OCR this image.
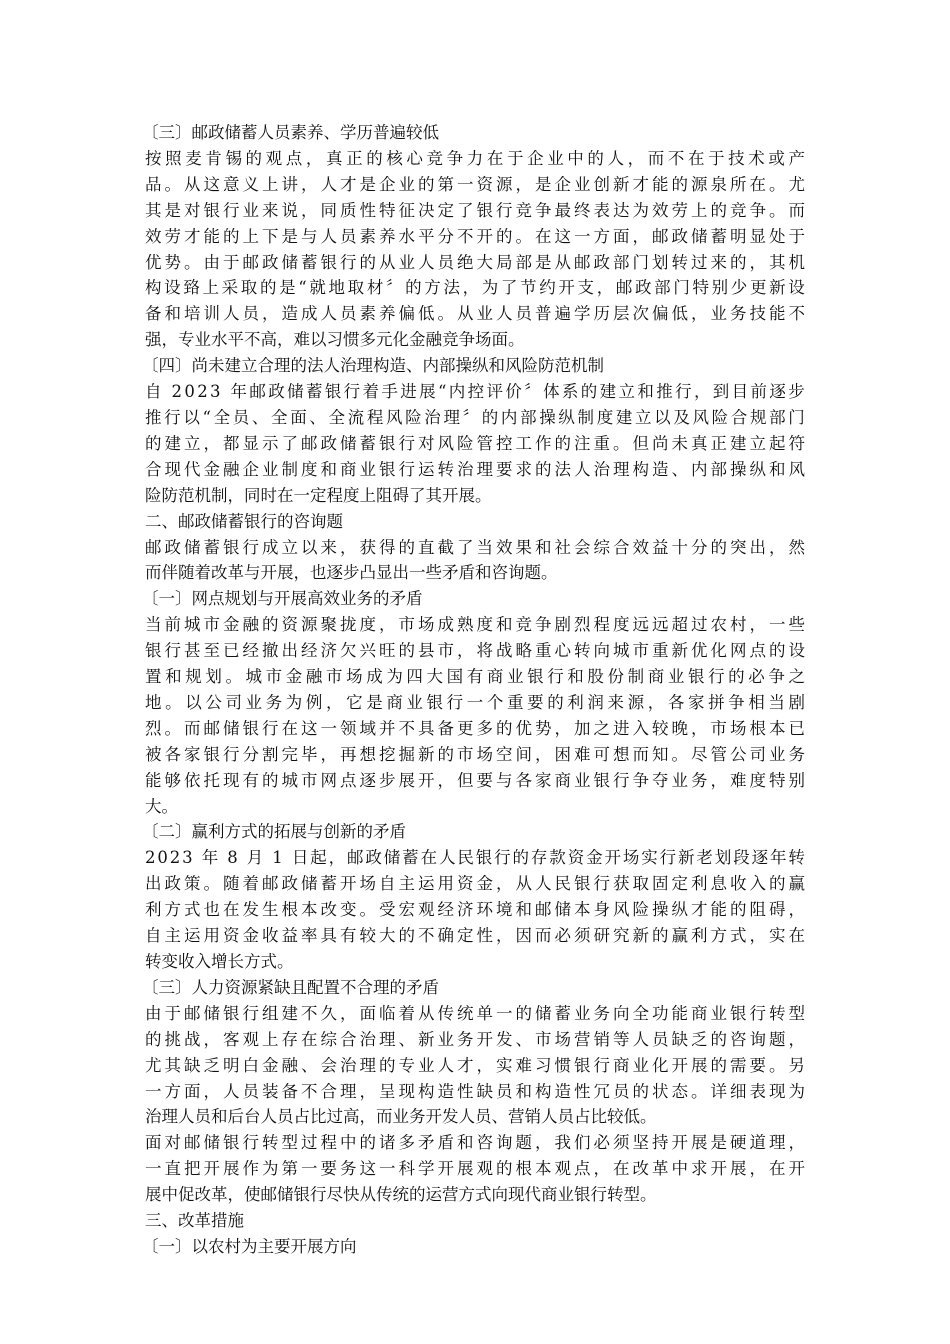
〔三〕邮政储蓄人员素养、学历普遍较低
按 照 麦 肯 锡 的 观 点 ， 真 正 的 核 心 竞 争 力 在 于 企 业 中 的 人 ， 而 不 在 于 技 术 或 产
品 。 从 这 意 义 上 讲 ， 人 才 是 企 业 的 第 一 资 源 ， 是 企 业 创 新 才 能 的 源 泉 所 在 。 尤
其 是 对 银 行 业 来 说 ， 同 质 性 特 征 决 定 了 银 行 竞 争 最 终 表 达 为 效 劳 上 的 竞 争 。 而
效 劳 才 能 的 上 下 是 与 人 员 素 养 水 平 分 不 开 的 。 在 这 一 方 面 ， 邮 政 储 蓄 明 显 处 于
优 势 。 由 于 邮 政 储 蓄 银 行 的 从 业 人 员 绝 大 局 部 是 从 邮 政 部 门 划 转 过 来 的 ， 其 机
构 设 臵 上 采 取 的 是 “ 就 地 取 材 〞 的 方 法 ， 为 了 节 约 开 支 ， 邮 政 部 门 特 别 少 更 新 设
备 和 培 训 人 员 ， 造 成 人 员 素 养 偏 低 。 从 业 人 员 普 遍 学 历 层 次 偏 低 ， 业 务 技 能 不
强，专业水平不高，难以习惯多元化金融竞争场面。
〔四〕尚未建立合理的法人治理构造、内部操纵和风险防范机制
自
2 0 2 3
年 邮 政 储 蓄 银 行 着 手 进 展 “ 内 控 评 价 〞 体 系 的 建 立 和 推 行 ， 到 目 前 逐 步
推 行 以 “ 全 员 、 全 面 、 全 流 程 风 险 治 理 〞 的 内 部 操 纵 制 度 建 立 以 及 风 险 合 规 部 门
的 建 立 ， 都 显 示 了 邮 政 储 蓄 银 行 对 风 险 管 控 工 作 的 注 重 。 但 尚 未 真 正 建 立 起 符
合 现 代 金 融 企 业 制 度 和 商 业 银 行 运 转 治 理 要 求 的 法 人 治 理 构 造 、 内 部 操 纵 和 风
险防范机制，同时在一定程度上阻碍了其开展。
二、邮政储蓄银行的咨询题
邮 政 储 蓄 银 行 成 立 以 来 ， 获 得 的 直 截 了 当 效 果 和 社 会 综 合 效 益 十 分 的 突 出 ， 然
而伴随着改革与开展，也逐步凸显出一些矛盾和咨询题。
〔一〕网点规划与开展高效业务的矛盾
当 前 城 市 金 融 的 资 源 聚 拢 度 ， 市 场 成 熟 度 和 竞 争 剧 烈 程 度 远 远 超 过 农 村 ， 一 些
银 行 甚 至 已 经 撤 出 经 济 欠 兴 旺 的 县 市 ， 将 战 略 重 心 转 向 城 市 重 新 优 化 网 点 的 设
置 和 规 划 。 城 市 金 融 市 场 成 为 四 大 国 有 商 业 银 行 和 股 份 制 商 业 银 行 的 必 争 之
地 。 以 公 司 业 务 为 例 ， 它 是 商 业 银 行 一 个 重 要 的 利 润 来 源 ， 各 家 拼 争 相 当 剧
烈 。 而 邮 储 银 行 在 这 一 领 域 并 不 具 备 更 多 的 优 势 ， 加 之 进 入 较 晚 ， 市 场 根 本 已
被 各 家 银 行 分 割 完 毕 ， 再 想 挖 掘 新 的 市 场 空 间 ， 困 难 可 想 而 知 。 尽 管 公 司 业 务
能 够 依 托 现 有 的 城 市 网 点 逐 步 展 开 ， 但 要 与 各 家 商 业 银 行 争 夺 业 务 ， 难 度 特 别
大。
〔二〕赢利方式的拓展与创新的矛盾
2 0 2 3
年
8
月
1
日 起 ， 邮 政 储 蓄 在 人 民 银 行 的 存 款 资 金 开 场 实 行 新 老 划 段 逐 年 转
出 政 策 。 随 着 邮 政 储 蓄 开 场 自 主 运 用 资 金 ， 从 人 民 银 行 获 取 固 定 利 息 收 入 的 赢
利 方 式 也 在 发 生 根 本 改 变 。 受 宏 观 经 济 环 境 和 邮 储 本 身 风 险 操 纵 才 能 的 阻 碍 ，
自 主 运 用 资 金 收 益 率 具 有 较 大 的 不 确 定 性 ， 因 而 必 须 研 究 新 的 赢 利 方 式 ， 实 在
转变收入增长方式。
〔三〕人力资源紧缺且配置不合理的矛盾
由 于 邮 储 银 行 组 建 不 久 ， 面 临 着 从 传 统 单 一 的 储 蓄 业 务 向 全 功 能 商 业 银 行 转 型
的 挑 战 ， 客 观 上 存 在 综 合 治 理 、 新 业 务 开 发 、 市 场 营 销 等 人 员 缺 乏 的 咨 询 题 ，
尤 其 缺 乏 明 白 金 融 、 会 治 理 的 专 业 人 才 ， 实 难 习 惯 银 行 商 业 化 开 展 的 需 要 。 另
一 方 面 ， 人 员 装 备 不 合 理 ， 呈 现 构 造 性 缺 员 和 构 造 性 冗 员 的 状 态 。 详 细 表 现 为
治理人员和后台人员占比过高，而业务开发人员、营销人员占比较低。
面 对 邮 储 银 行 转 型 过 程 中 的 诸 多 矛 盾 和 咨 询 题 ， 我 们 必 须 坚 持 开 展 是 硬 道 理 ，
一 直 把 开 展 作 为 第 一 要 务 这 一 科 学 开 展 观 的 根 本 观 点 ， 在 改 革 中 求 开 展 ， 在 开
展中促改革，使邮储银行尽快从传统的运营方式向现代商业银行转型。
三、改革措施
〔一〕以农村为主要开展方向
